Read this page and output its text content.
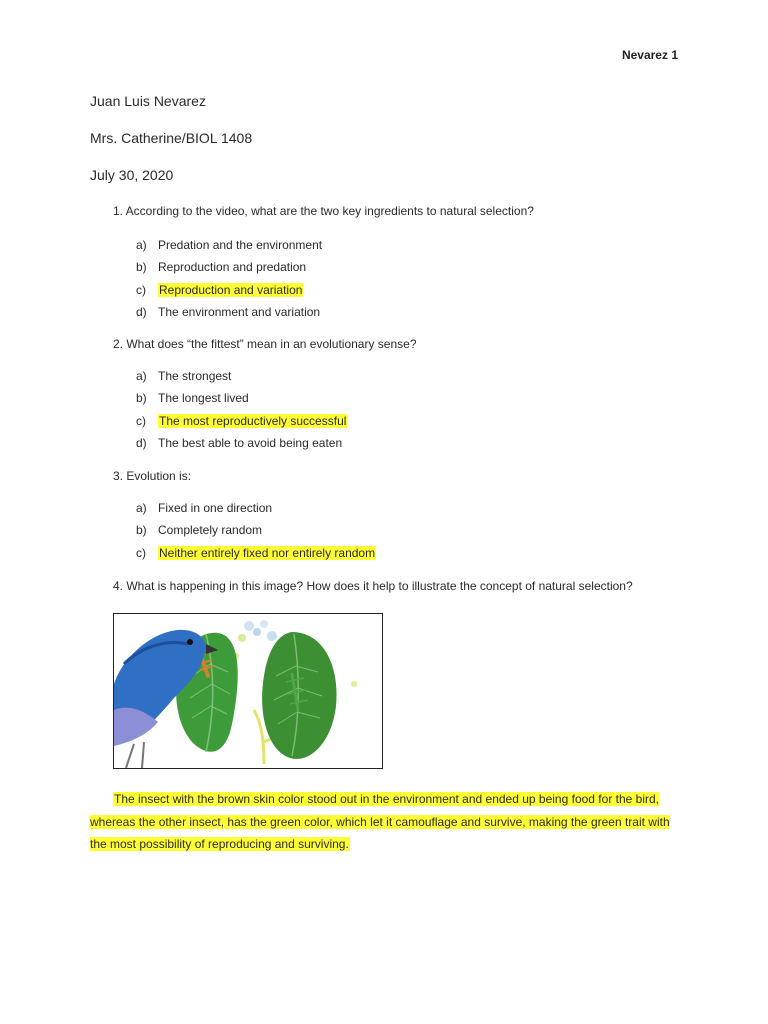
Nevarez 1
Juan Luis Nevarez
Mrs. Catherine/BIOL 1408
July 30, 2020

1. According to the video, what are the two key ingredients to natural selection?

a) Predation and the environment
b) Reproduction and predation
c)	Reproduction and variation
d) The environment and variation

2. What does “the fittest” mean in an evolutionary sense?

a) The strongest
b) The longest lived
c)	The most reproductively successful
d) The best able to avoid being eaten

3. Evolution is:

a) Fixed in one direction
b) Completely random
c)	Neither entirely fixed nor entirely random

4. What is happening in this image? How does it help to illustrate the concept of natural selection?

The insect with the brown skin color stood out in the environment and ended up being food for the bird, whereas the other insect, has the green color, which let it camouflage and survive, making the green trait with the most possibility of reproducing and surviving.
